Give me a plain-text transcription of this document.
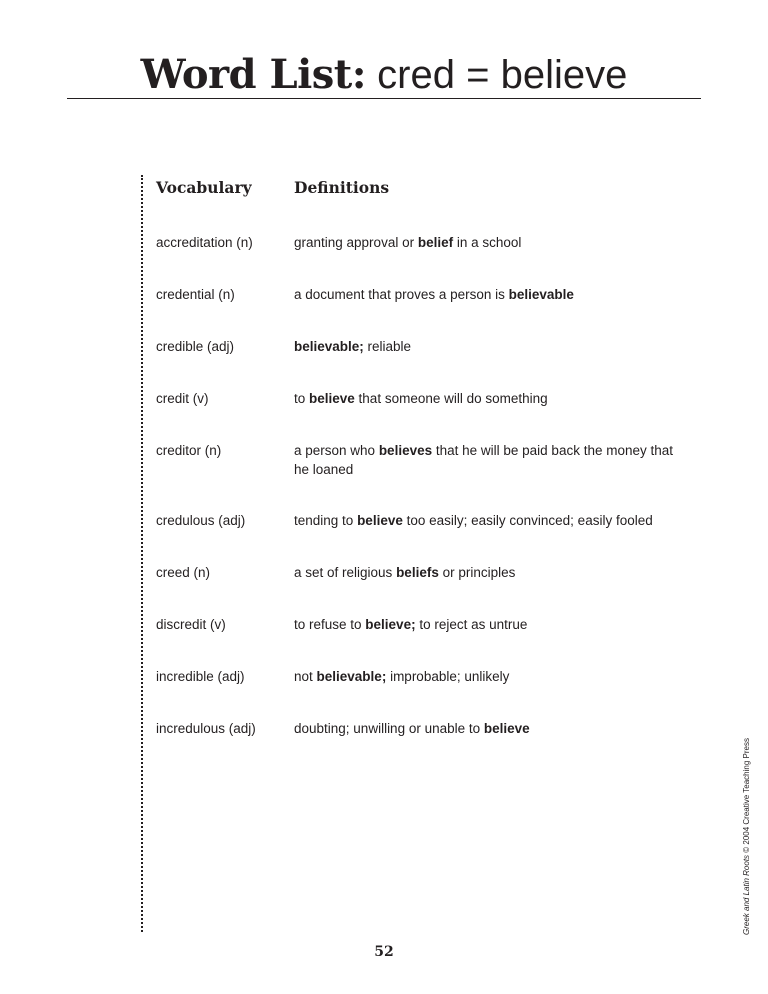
Word List: cred = believe
Vocabulary	Definitions
accreditation (n)	granting approval or belief in a school
credential (n)	a document that proves a person is believable
credible (adj)	believable; reliable
credit (v)	to believe that someone will do something
creditor (n)	a person who believes that he will be paid back the money that he loaned
credulous (adj)	tending to believe too easily; easily convinced; easily fooled
creed (n)	a set of religious beliefs or principles
discredit (v)	to refuse to believe; to reject as untrue
incredible (adj)	not believable; improbable; unlikely
incredulous (adj)	doubting; unwilling or unable to believe
Greek and Latin Roots © 2004 Creative Teaching Press
52
